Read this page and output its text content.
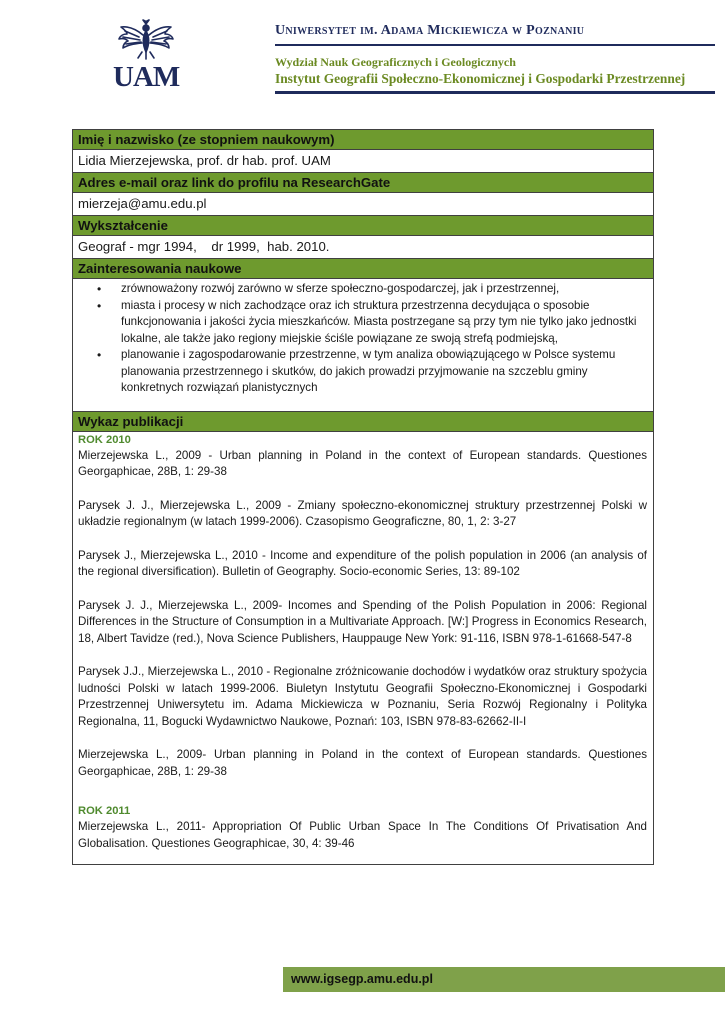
UAM
Uniwersytet im. Adama Mickiewicza w Poznaniu
Wydział Nauk Geograficznych i Geologicznych
Instytut Geografii Społeczno-Ekonomicznej i Gospodarki Przestrzennej
Imię i nazwisko (ze stopniem naukowym)
Lidia Mierzejewska, prof. dr hab. prof. UAM
Adres e-mail oraz link do profilu na ResearchGate
mierzeja@amu.edu.pl
Wykształcenie
Geograf - mgr 1994,    dr 1999,  hab. 2010.
Zainteresowania naukowe
• zrównoważony rozwój zarówno w sferze społeczno-gospodarczej, jak i przestrzennej,
• miasta i procesy w nich zachodzące oraz ich struktura przestrzenna decydująca o sposobie funkcjonowania i jakości życia mieszkańców. Miasta postrzegane są przy tym nie tylko jako jednostki lokalne, ale także jako regiony miejskie ściśle powiązane ze swoją strefą podmiejską,
• planowanie i zagospodarowanie przestrzenne, w tym analiza obowiązującego w Polsce systemu planowania przestrzennego i skutków, do jakich prowadzi przyjmowanie na szczeblu gminy konkretnych rozwiązań planistycznych
Wykaz publikacji
ROK 2010
Mierzejewska L., 2009 - Urban planning in Poland in the context of European standards. Questiones Georgaphicae, 28B, 1: 29-38
Parysek J. J., Mierzejewska L., 2009 - Zmiany społeczno-ekonomicznej struktury przestrzennej Polski w układzie regionalnym (w latach 1999-2006). Czasopismo Geograficzne, 80, 1, 2: 3-27
Parysek J., Mierzejewska L., 2010 - Income and expenditure of the polish population in 2006 (an analysis of the regional diversification). Bulletin of Geography. Socio-economic Series, 13: 89-102
Parysek J. J., Mierzejewska L., 2009- Incomes and Spending of the Polish Population in 2006: Regional Differences in the Structure of Consumption in a Multivariate Approach. [W:] Progress in Economics Research, 18, Albert Tavidze (red.), Nova Science Publishers, Hauppauge New York: 91-116, ISBN 978-1-61668-547-8
Parysek J.J., Mierzejewska L., 2010 - Regionalne zróżnicowanie dochodów i wydatków oraz struktury spożycia ludności Polski w latach 1999-2006. Biuletyn Instytutu Geografii Społeczno-Ekonomicznej i Gospodarki Przestrzennej Uniwersytetu im. Adama Mickiewicza w Poznaniu, Seria Rozwój Regionalny i Polityka Regionalna, 11, Bogucki Wydawnictwo Naukowe, Poznań: 103, ISBN 978-83-62662-II-I
Mierzejewska L., 2009- Urban planning in Poland in the context of European standards. Questiones Georgaphicae, 28B, 1: 29-38
ROK 2011
Mierzejewska L., 2011- Appropriation Of Public Urban Space In The Conditions Of Privatisation And Globalisation. Questiones Geographicae, 30, 4: 39-46
www.igsegp.amu.edu.pl
